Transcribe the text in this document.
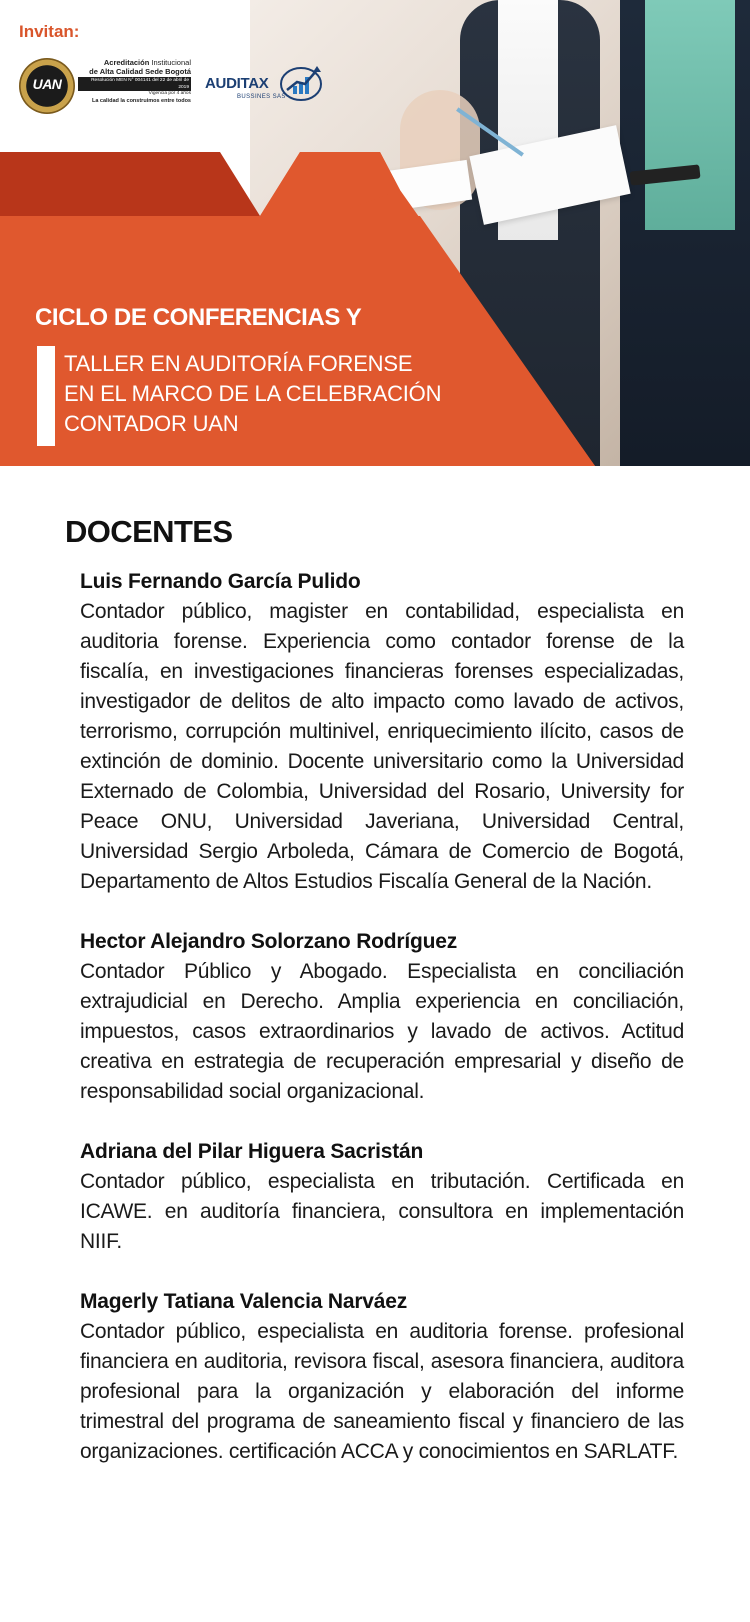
Invitan:
UAN
Acreditación Institucional
de Alta Calidad Sede Bogotá
Resolución MEN N° 004141 del 22 de abril de 2019
Vigencia por 4 años
La calidad la construimos entre todos
AUDITAX
BUSSINES SAS
CICLO DE CONFERENCIAS Y
TALLER EN AUDITORÍA FORENSE
EN EL MARCO DE LA CELEBRACIÓN
CONTADOR UAN
DOCENTES
Luis Fernando García Pulido
Contador público, magister en contabilidad, especialista en auditoria forense. Experiencia como contador forense de la fiscalía, en investigaciones financieras forenses especializadas, investigador de delitos de alto impacto como lavado de activos, terrorismo, corrupción multinivel, enriquecimiento ilícito, casos de extinción de dominio. Docente universitario como la Universidad Externado de Colombia, Universidad del Rosario, University for Peace ONU, Universidad Javeriana, Universidad Central, Universidad Sergio Arboleda, Cámara de Comercio de Bogotá, Departamento de Altos Estudios Fiscalía General de la Nación.
Hector Alejandro Solorzano Rodríguez
Contador Público y Abogado. Especialista en conciliación extrajudicial en Derecho. Amplia experiencia en conciliación, impuestos, casos extraordinarios y lavado de activos. Actitud creativa en estrategia de recuperación empresarial y diseño de responsabilidad social organizacional.
Adriana del Pilar Higuera Sacristán
Contador público, especialista en tributación. Certificada en ICAWE. en auditoría financiera, consultora en implementación NIIF.
Magerly Tatiana Valencia Narváez
Contador público, especialista en auditoria forense. profesional financiera en auditoria, revisora fiscal, asesora financiera, auditora profesional para la organización y elaboración del informe trimestral del programa de saneamiento fiscal y financiero de las organizaciones. certificación ACCA y conocimientos en SARLATF.
